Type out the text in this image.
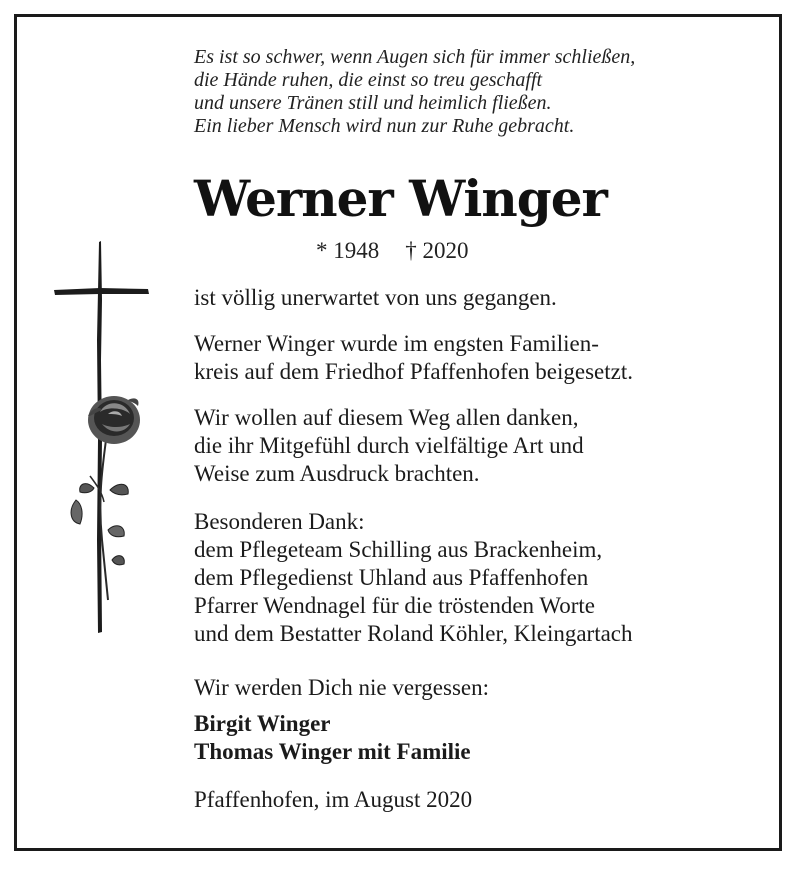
Es ist so schwer, wenn Augen sich für immer schließen,
die Hände ruhen, die einst so treu geschafft
und unsere Tränen still und heimlich fließen.
Ein lieber Mensch wird nun zur Ruhe gebracht.
Werner Winger
* 1948 † 2020
ist völlig unerwartet von uns gegangen.
Werner Winger wurde im engsten Familien-
kreis auf dem Friedhof Pfaffenhofen beigesetzt.
Wir wollen auf diesem Weg allen danken,
die ihr Mitgefühl durch vielfältige Art und
Weise zum Ausdruck brachten.
Besonderen Dank:
dem Pflegeteam Schilling aus Brackenheim,
dem Pflegedienst Uhland aus Pfaffenhofen
Pfarrer Wendnagel für die tröstenden Worte
und dem Bestatter Roland Köhler, Kleingartach
Wir werden Dich nie vergessen:
Birgit Winger
Thomas Winger mit Familie
Pfaffenhofen, im August 2020
